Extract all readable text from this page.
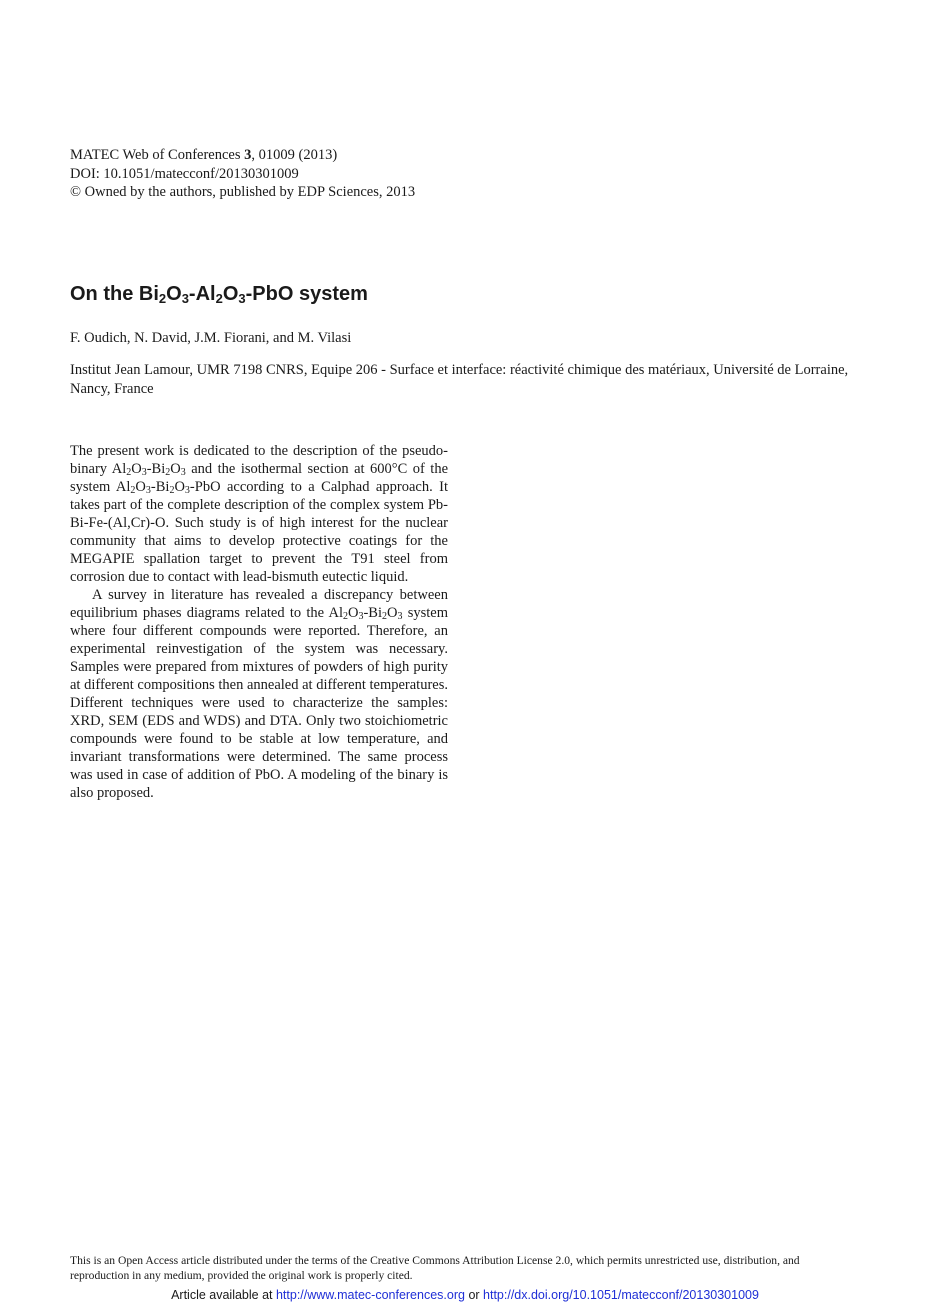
MATEC Web of Conferences 3, 01009 (2013)
DOI: 10.1051/matecconf/20130301009
© Owned by the authors, published by EDP Sciences, 2013
On the $Bi_2O_3-Al_2O_3$-PbO system
F. Oudich, N. David, J.M. Fiorani, and M. Vilasi
Institut Jean Lamour, UMR 7198 CNRS, Equipe 206 - Surface et interface: réactivité chimique des matériaux, Université de Lorraine, Nancy, France

The present work is dedicated to the description of the pseudo-binary $Al_2O_3-Bi_2O_3$ and the isothermal section at 600°C of the system $Al_2O_3-Bi_2O_3$-PbO according to a Calphad approach. It takes part of the complete description of the complex system Pb-Bi-Fe-(Al,Cr)-O. Such study is of high interest for the nuclear community that aims to develop protective coatings for the MEGAPIE spallation target to prevent the T91 steel from corrosion due to contact with lead-bismuth eutectic liquid.

A survey in literature has revealed a discrepancy between equilibrium phases diagrams related to the $Al_2O_3-Bi_2O_3$ system where four different compounds were reported. Therefore, an experimental reinvestigation of the system was necessary. Samples were prepared from mixtures of powders of high purity at different compositions then annealed at different temperatures. Different techniques were used to characterize the samples: XRD, SEM (EDS and WDS) and DTA. Only two stoichiometric compounds were found to be stable at low temperature, and invariant transformations were determined. The same process was used in case of addition of PbO. A modeling of the binary is also proposed.

This is an Open Access article distributed under the terms of the Creative Commons Attribution License 2.0, which permits unrestricted use, distribution, and reproduction in any medium, provided the original work is properly cited.
Article available at http://www.matec-conferences.org or http://dx.doi.org/10.1051/matecconf/20130301009
